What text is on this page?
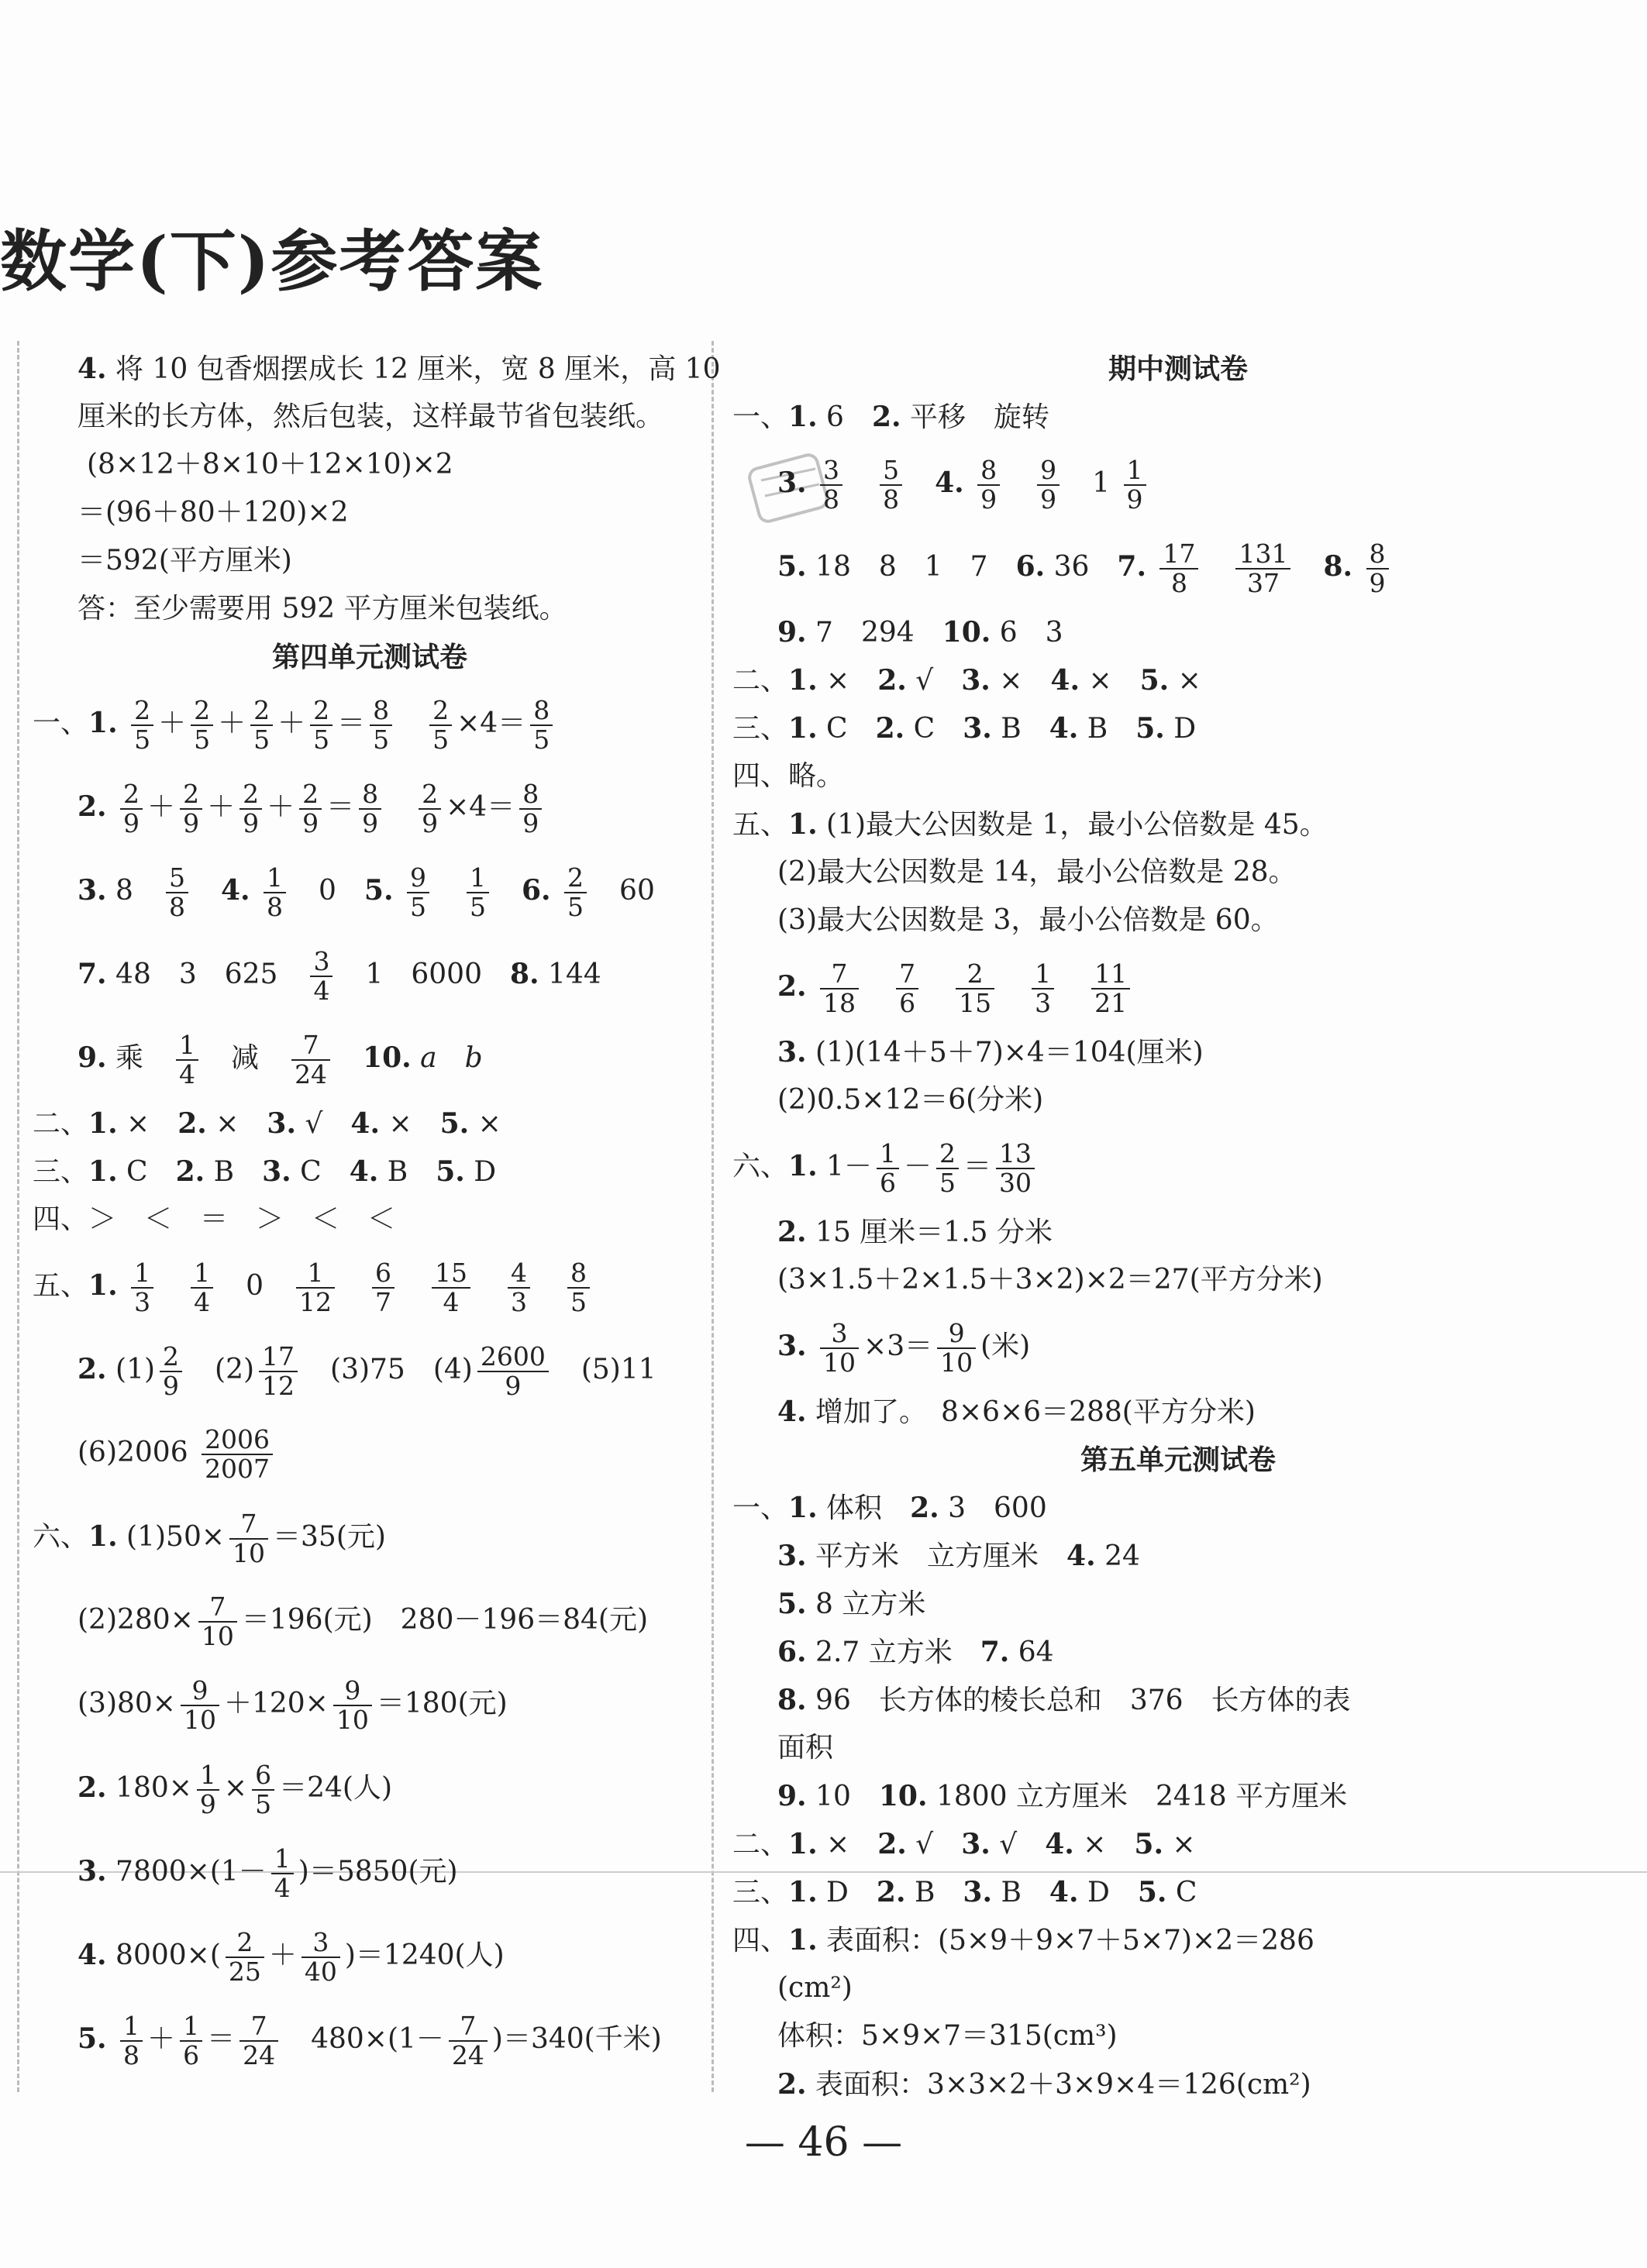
数学(下)参考答案
4. 将 10 包香烟摆成长 12 厘米，宽 8 厘米，高 10
厘米的长方体，然后包装，这样最节省包装纸。
(8×12＋8×10＋12×10)×2
＝(96＋80＋120)×2
＝592(平方厘米)
答：至少需要用 592 平方厘米包装纸。
第四单元测试卷
一、1. $\frac{2}{5} + \frac{2}{5} + \frac{2}{5} + \frac{2}{5} = \frac{8}{5}$
　 $\frac{2}{5} \times 4= \frac{8}{5}$
2. $\frac{2}{9} + \frac{2}{9} + \frac{2}{9} + \frac{2}{9} = \frac{8}{9}$
　 $\frac{2}{9} \times 4= \frac{8}{9}$
3. 8　 $\frac{5}{8}$
　 4. $\frac{1}{8}$ 　0　5. $\frac{9}{5}$
　 $\frac{1}{5}$
　 6. $\frac{2}{5}$ 　60
7. 48　3　625　 $\frac{3}{4}$ 　1　6000　8. 144
9. 乘　 $\frac{1}{4}$ 　减　 $\frac{7}{24}$
　 10. a　 b
二、1. ×　2. ×　3. √　4. ×　5. ×
三、1. C　2. B　3. C　4. B　5. D
四、＞　＜　＝　＞　＜　＜
五、1. $\frac{1}{3}$
　 $\frac{1}{4}$ 　0　 $\frac{1}{12}$
　 $\frac{6}{7}$
　 $\frac{15}{4}$
　 $\frac{4}{3}$
　 $\frac{8}{5}$
2. $(1) \frac{2}{9}$ 　$(2) \frac{17}{12}$ 　(3)75　$(4) \frac{2600}{9}$ 　(5)11
$(6)2006 \frac{2006}{2007}$
六、1. $(1)50\times \frac{7}{10} =35$(元)
$(2)280\times \frac{7}{10} =196$(元)　280－196＝84(元)
$(3)80\times \frac{9}{10} +120\times \frac{9}{10} =180$(元)
2. $180\times \frac{1}{9} \times \frac{6}{5} =24$(人)
3. $7800\times(1- \frac{1}{4} )=5850$(元)
4. $8000\times( \frac{2}{25} + \frac{3}{40} )=1240$(人)
5. $\frac{1}{8} + \frac{1}{6} = \frac{7}{24}$ 　$480\times(1- \frac{7}{24} )=340$(千米)
期中测试卷
一、1. 6　2. 平移　旋转
3. $\frac{3}{8}$
　 $\frac{5}{8}$
　 4. $\frac{8}{9}$
　 $\frac{9}{9}$ 　$1 \frac{1}{9}$
5. 18　8　1　7　6. 36　7. $\frac{17}{8}$
　 $\frac{131}{37}$
　 8. $\frac{8}{9}$
9. 7　294　10. 6　3
二、1. ×　2. √　3. ×　4. ×　5. ×
三、1. C　2. C　3. B　4. B　5. D
四、略。
五、1. (1)最大公因数是 1，最小公倍数是 45。
(2)最大公因数是 14，最小公倍数是 28。
(3)最大公因数是 3，最小公倍数是 60。
2. $\frac{7}{18}$
　 $\frac{7}{6}$
　 $\frac{2}{15}$
　 $\frac{1}{3}$
　 $\frac{11}{21}$
3. (1)(14＋5＋7)×4＝104(厘米)
(2)0.5×12＝6(分米)
六、1. $1- \frac{1}{6} - \frac{2}{5} = \frac{13}{30}$
2. 15 厘米＝1.5 分米
(3×1.5＋2×1.5＋3×2)×2＝27(平方分米)
3. $\frac{3}{10} \times 3= \frac{9}{10}$ (米)
4. 增加了。　8×6×6＝288(平方分米)
第五单元测试卷
一、1. 体积　2. 3　600
3. 平方米　立方厘米　4. 24
5. 8 立方米
6. 2.7 立方米　7. 64
8. 96　长方体的棱长总和　376　长方体的表
面积
9. 10　10. 1800 立方厘米　2418 平方厘米
二、1. ×　2. √　3. √　4. ×　5. ×
三、1. D　2. B　3. B　4. D　5. C
四、1. 表面积：(5×9＋9×7＋5×7)×2＝286
(cm²)
体积：5×9×7＝315(cm³)
2. 表面积：3×3×2＋3×9×4＝126(cm²)
— 46 —
